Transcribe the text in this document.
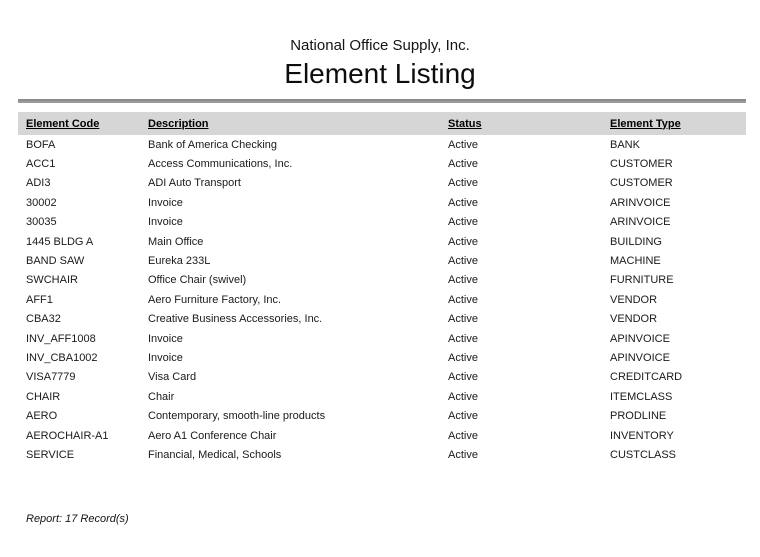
National Office Supply, Inc.
Element Listing
Element Code	Description	Status	Element Type
BOFA	Bank of America Checking	Active	BANK
ACC1	Access Communications, Inc.	Active	CUSTOMER
ADI3	ADI Auto Transport	Active	CUSTOMER
30002	Invoice	Active	ARINVOICE
30035	Invoice	Active	ARINVOICE
1445 BLDG A	Main Office	Active	BUILDING
BAND SAW	Eureka 233L	Active	MACHINE
SWCHAIR	Office Chair (swivel)	Active	FURNITURE
AFF1	Aero Furniture Factory, Inc.	Active	VENDOR
CBA32	Creative Business Accessories, Inc.	Active	VENDOR
INV_AFF1008	Invoice	Active	APINVOICE
INV_CBA1002	Invoice	Active	APINVOICE
VISA7779	Visa Card	Active	CREDITCARD
CHAIR	Chair	Active	ITEMCLASS
AERO	Contemporary, smooth-line products	Active	PRODLINE
AEROCHAIR-A1	Aero A1 Conference Chair	Active	INVENTORY
SERVICE	Financial, Medical, Schools	Active	CUSTCLASS
Report: 17 Record(s)
